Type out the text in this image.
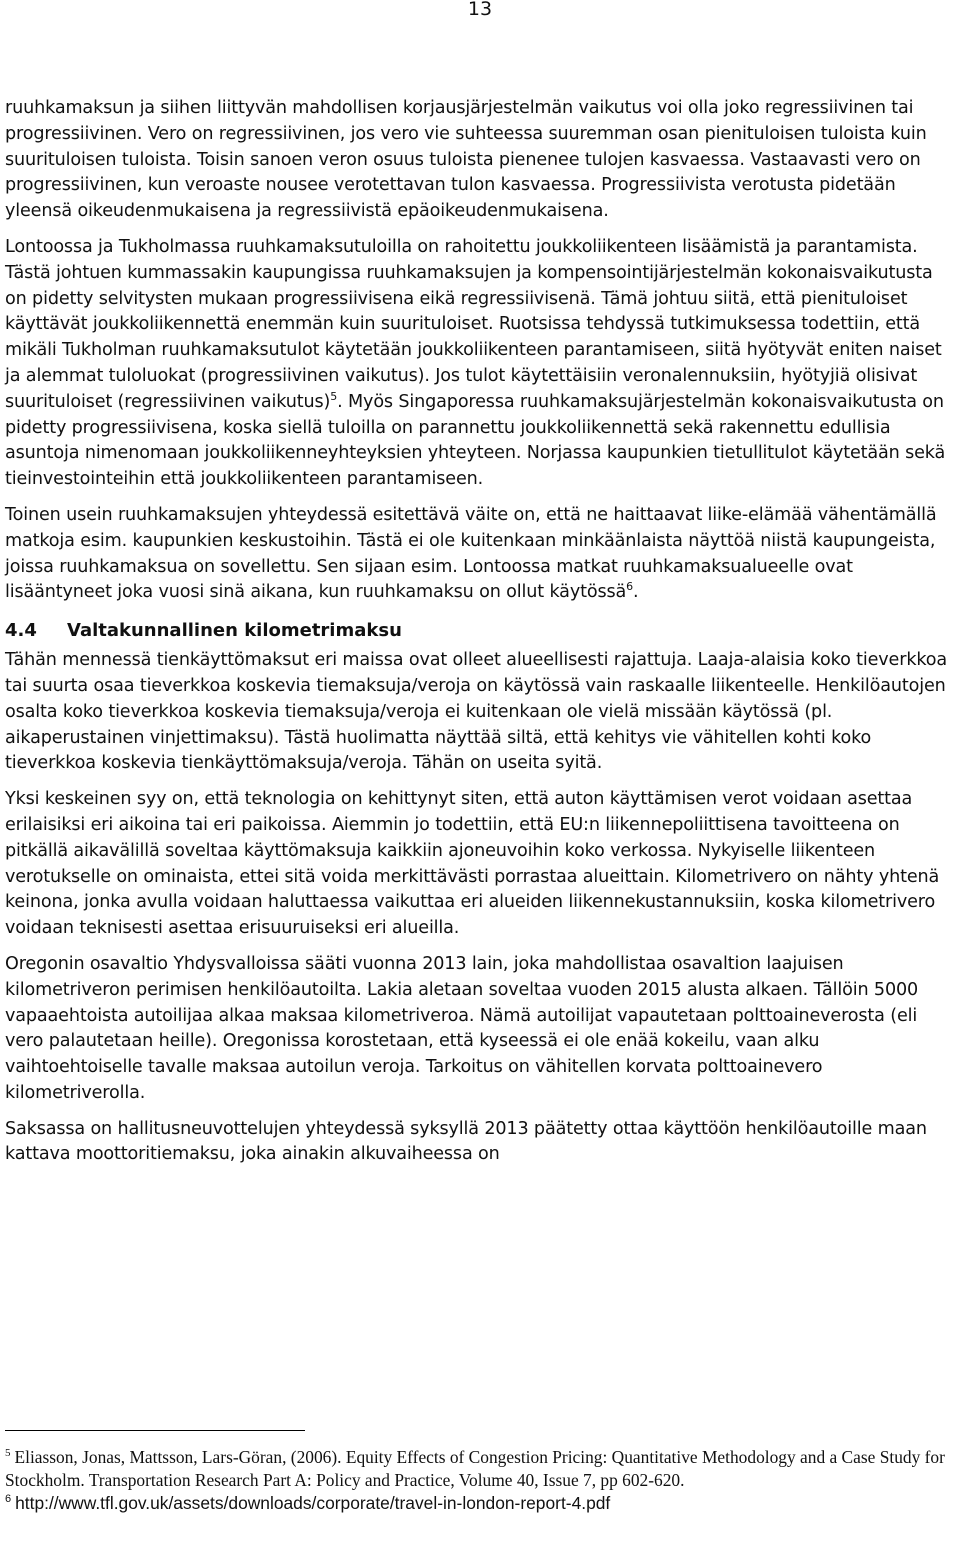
13

ruuhkamaksun ja siihen liittyvän mahdollisen korjausjärjestelmän vaikutus voi olla joko regressiivinen tai progressiivinen. Vero on regressiivinen, jos vero vie suhteessa suuremman osan pienituloisen tuloista kuin suurituloisen tuloista. Toisin sanoen veron osuus tuloista pienenee tulojen kasvaessa. Vastaavasti vero on progressiivinen, kun veroaste nousee verotettavan tulon kasvaessa. Progressiivista verotusta pidetään yleensä oikeudenmukaisena ja regressiivistä epäoikeudenmukaisena.

Lontoossa ja Tukholmassa ruuhkamaksutuloilla on rahoitettu joukkoliikenteen lisäämistä ja parantamista. Tästä johtuen kummassakin kaupungissa ruuhkamaksujen ja kompensointijärjestelmän kokonaisvaikutusta on pidetty selvitysten mukaan progressiivisena eikä regressiivisenä. Tämä johtuu siitä, että pienituloiset käyttävät joukkoliikennettä enemmän kuin suurituloiset. Ruotsissa tehdyssä tutkimuksessa todettiin, että mikäli Tukholman ruuhkamaksutulot käytetään joukkoliikenteen parantamiseen, siitä hyötyvät eniten naiset ja alemmat tuloluokat (progressiivinen vaikutus). Jos tulot käytettäisiin veronalennuksiin, hyötyjiä olisivat suurituloiset (regressiivinen vaikutus)$^5$. Myös Singaporessa ruuhkamaksujärjestelmän kokonaisvaikutusta on pidetty progressiivisena, koska siellä tuloilla on parannettu joukkoliikennettä sekä rakennettu edullisia asuntoja nimenomaan joukkoliikenneyhteyksien yhteyteen. Norjassa kaupunkien tietullitulot käytetään sekä tieinvestointeihin että joukkoliikenteen parantamiseen.

Toinen usein ruuhkamaksujen yhteydessä esitettävä väite on, että ne haittaavat liike-elämää vähentämällä matkoja esim. kaupunkien keskustoihin. Tästä ei ole kuitenkaan minkäänlaista näyttöä niistä kaupungeista, joissa ruuhkamaksua on sovellettu. Sen sijaan esim. Lontoossa matkat ruuhkamaksualueelle ovat lisääntyneet joka vuosi sinä aikana, kun ruuhkamaksu on ollut käytössä$^6$.

4.4 Valtakunnallinen kilometrimaksu

Tähän mennessä tienkäyttömaksut eri maissa ovat olleet alueellisesti rajattuja. Laaja-alaisia koko tieverkkoa tai suurta osaa tieverkkoa koskevia tiemaksuja/veroja on käytössä vain raskaalle liikenteelle. Henkilöautojen osalta koko tieverkkoa koskevia tiemaksuja/veroja ei kuitenkaan ole vielä missään käytössä (pl. aikaperustainen vinjettimaksu). Tästä huolimatta näyttää siltä, että kehitys vie vähitellen kohti koko tieverkkoa koskevia tienkäyttömaksuja/veroja. Tähän on useita syitä.

Yksi keskeinen syy on, että teknologia on kehittynyt siten, että auton käyttämisen verot voidaan asettaa erilaisiksi eri aikoina tai eri paikoissa. Aiemmin jo todettiin, että EU:n liikennepoliittisena tavoitteena on pitkällä aikavälillä soveltaa käyttömaksuja kaikkiin ajoneuvoihin koko verkossa. Nykyiselle liikenteen verotukselle on ominaista, ettei sitä voida merkittävästi porrastaa alueittain. Kilometrivero on nähty yhtenä keinona, jonka avulla voidaan haluttaessa vaikuttaa eri alueiden liikennekustannuksiin, koska kilometrivero voidaan teknisesti asettaa erisuuruiseksi eri alueilla.

Oregonin osavaltio Yhdysvalloissa sääti vuonna 2013 lain, joka mahdollistaa osavaltion laajuisen kilometriveron perimisen henkilöautoilta. Lakia aletaan soveltaa vuoden 2015 alusta alkaen. Tällöin 5000 vapaaehtoista autoilijaa alkaa maksaa kilometriveroa. Nämä autoilijat vapautetaan polttoaineverosta (eli vero palautetaan heille). Oregonissa korostetaan, että kyseessä ei ole enää kokeilu, vaan alku vaihtoehtoiselle tavalle maksaa autoilun veroja. Tarkoitus on vähitellen korvata polttoainevero kilometriverolla.

Saksassa on hallitusneuvottelujen yhteydessä syksyllä 2013 päätetty ottaa käyttöön henkilöautoille maan kattava moottoritiemaksu, joka ainakin alkuvaiheessa on

$^5$ Eliasson, Jonas, Mattsson, Lars-Göran, (2006). Equity Effects of Congestion Pricing: Quantitative Methodology and a Case Study for Stockholm. Transportation Research Part A: Policy and Practice, Volume 40, Issue 7, pp 602-620.
$^6$ http://www.tfl.gov.uk/assets/downloads/corporate/travel-in-london-report-4.pdf
